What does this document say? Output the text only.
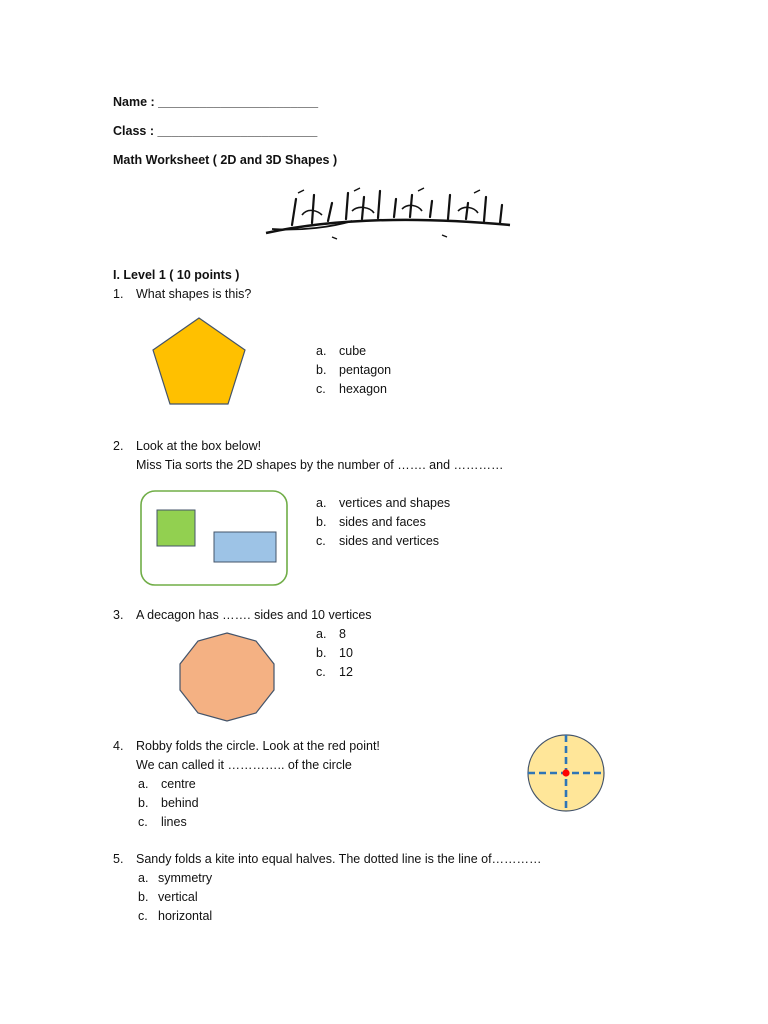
Name : _______________________
Class : _______________________
Math Worksheet ( 2D and 3D Shapes )
I. Level 1 ( 10 points )
1. What shapes is this?
a. cube
b. pentagon
c. hexagon
2. Look at the box below!
Miss Tia sorts the 2D shapes by the number of ……. and …………
a. vertices and shapes
b. sides and faces
c. sides and vertices
3. A decagon has ……. sides and 10 vertices
a. 8
b. 10
c. 12
4. Robby folds the circle. Look at the red point!
We can called it ………….. of the circle
a. centre
b. behind
c. lines
5. Sandy folds a kite into equal halves. The dotted line is the line of…………
a. symmetry
b. vertical
c. horizontal
